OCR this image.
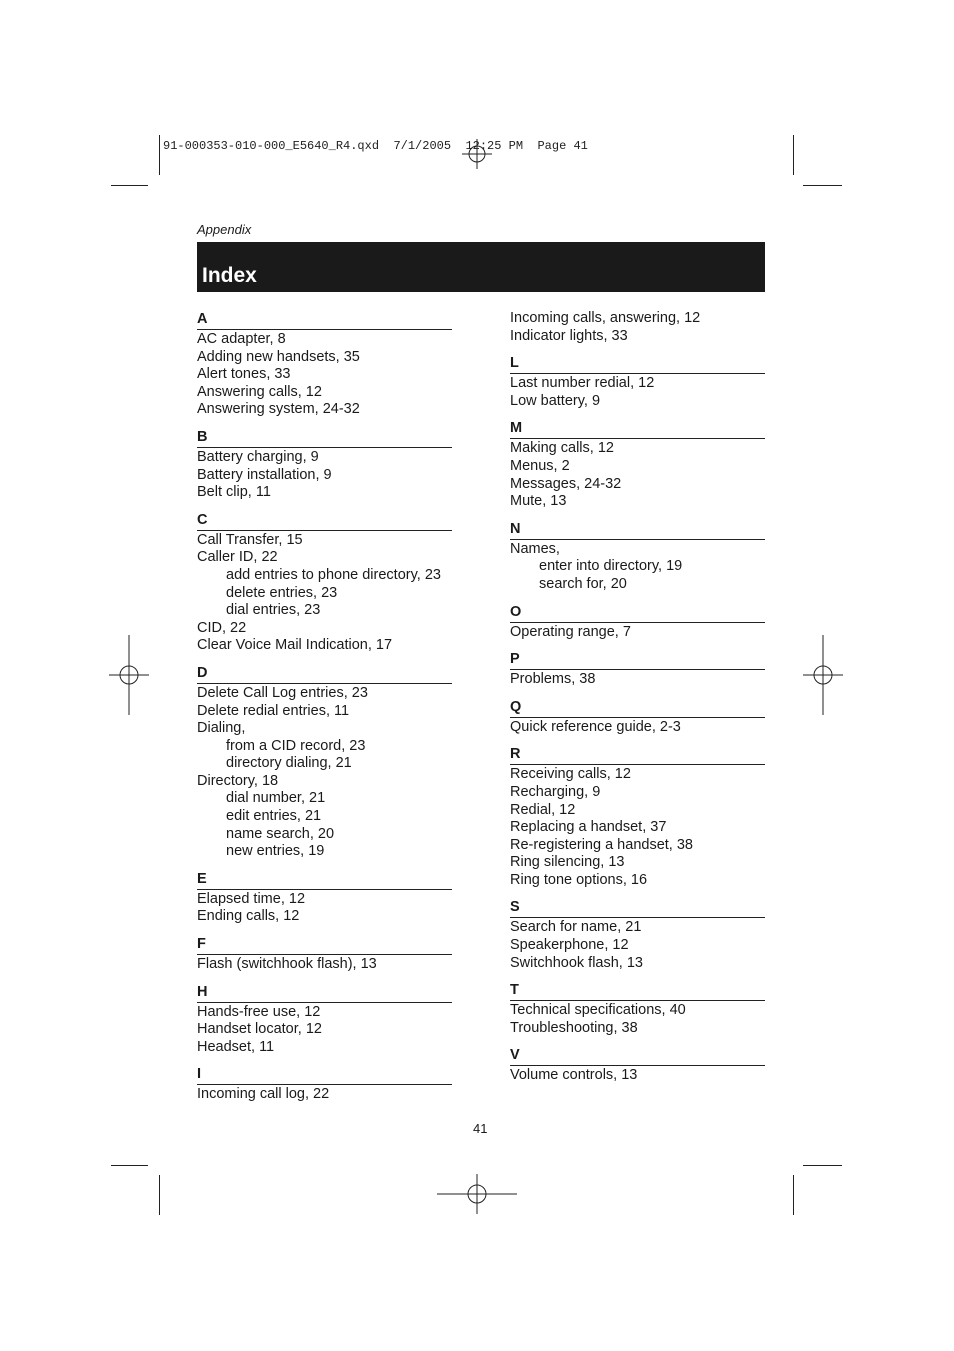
91-000353-010-000_E5640_R4.qxd  7/1/2005  12:25 PM  Page 41
Appendix
Index
A
AC adapter, 8
Adding new handsets, 35
Alert tones, 33
Answering calls, 12
Answering system, 24-32
B
Battery charging, 9
Battery installation, 9
Belt clip, 11
C
Call Transfer, 15
Caller ID, 22
add entries to phone directory, 23
delete entries, 23
dial entries, 23
CID, 22
Clear Voice Mail Indication, 17
D
Delete Call Log entries, 23
Delete redial entries, 11
Dialing,
from a CID record, 23
directory dialing, 21
Directory, 18
dial number, 21
edit entries, 21
name search, 20
new entries, 19
E
Elapsed time, 12
Ending calls, 12
F
Flash (switchhook flash), 13
H
Hands-free use, 12
Handset locator, 12
Headset, 11
I
Incoming call log, 22
Incoming calls, answering, 12
Indicator lights, 33
L
Last number redial, 12
Low battery, 9
M
Making calls, 12
Menus, 2
Messages, 24-32
Mute, 13
N
Names,
enter into directory, 19
search for, 20
O
Operating range, 7
P
Problems, 38
Q
Quick reference guide, 2-3
R
Receiving calls, 12
Recharging, 9
Redial, 12
Replacing a handset, 37
Re-registering a handset, 38
Ring silencing, 13
Ring tone options, 16
S
Search for name, 21
Speakerphone, 12
Switchhook flash, 13
T
Technical specifications, 40
Troubleshooting, 38
V
Volume controls, 13
41
